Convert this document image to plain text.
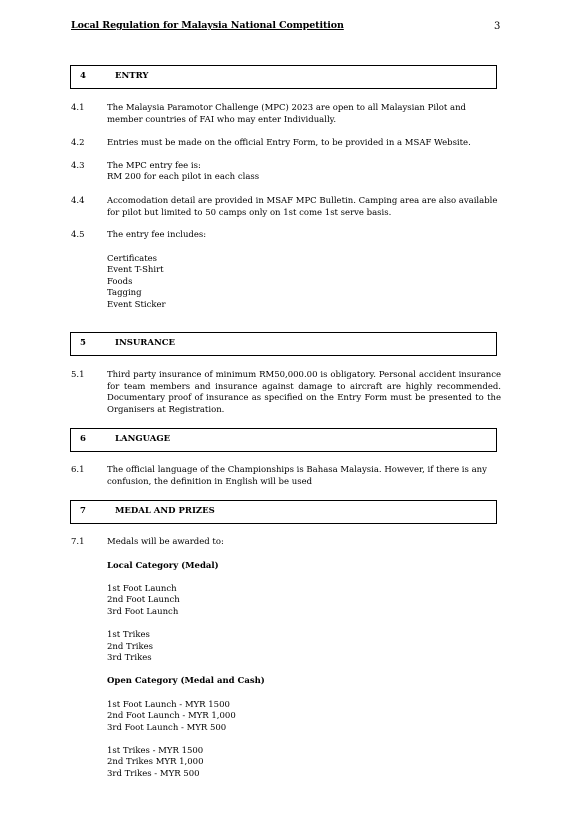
Local Regulation for Malaysia National Competition	3
4	ENTRY
4.1	The Malaysia Paramotor Challenge (MPC) 2023 are open to all Malaysian Pilot and member countries of FAI who may enter Individually.
4.2	Entries must be made on the official Entry Form, to be provided in a MSAF Website.
4.3	The MPC entry fee is:
RM 200 for each pilot in each class
4.4	Accomodation detail are provided in MSAF MPC Bulletin. Camping area are also available for pilot but limited to 50 camps only on 1st come 1st serve basis.
4.5	The entry fee includes:
Certificates
Event T-Shirt
Foods
Tagging
Event Sticker
5	INSURANCE
5.1	Third party insurance of minimum RM50,000.00 is obligatory. Personal accident insurance for team members and insurance against damage to aircraft are highly recommended. Documentary proof of insurance as specified on the Entry Form must be presented to the Organisers at Registration.
6	LANGUAGE
6.1	The official language of the Championships is Bahasa Malaysia. However, if there is any confusion, the definition in English will be used
7	MEDAL AND PRIZES
7.1	Medals will be awarded to:
Local Category (Medal)
1st Foot Launch
2nd Foot Launch
3rd Foot Launch
1st Trikes
2nd Trikes
3rd Trikes
Open Category (Medal and Cash)
1st Foot Launch - MYR 1500
2nd Foot Launch - MYR 1,000
3rd Foot Launch - MYR 500
1st Trikes - MYR 1500
2nd Trikes MYR 1,000
3rd Trikes - MYR 500
